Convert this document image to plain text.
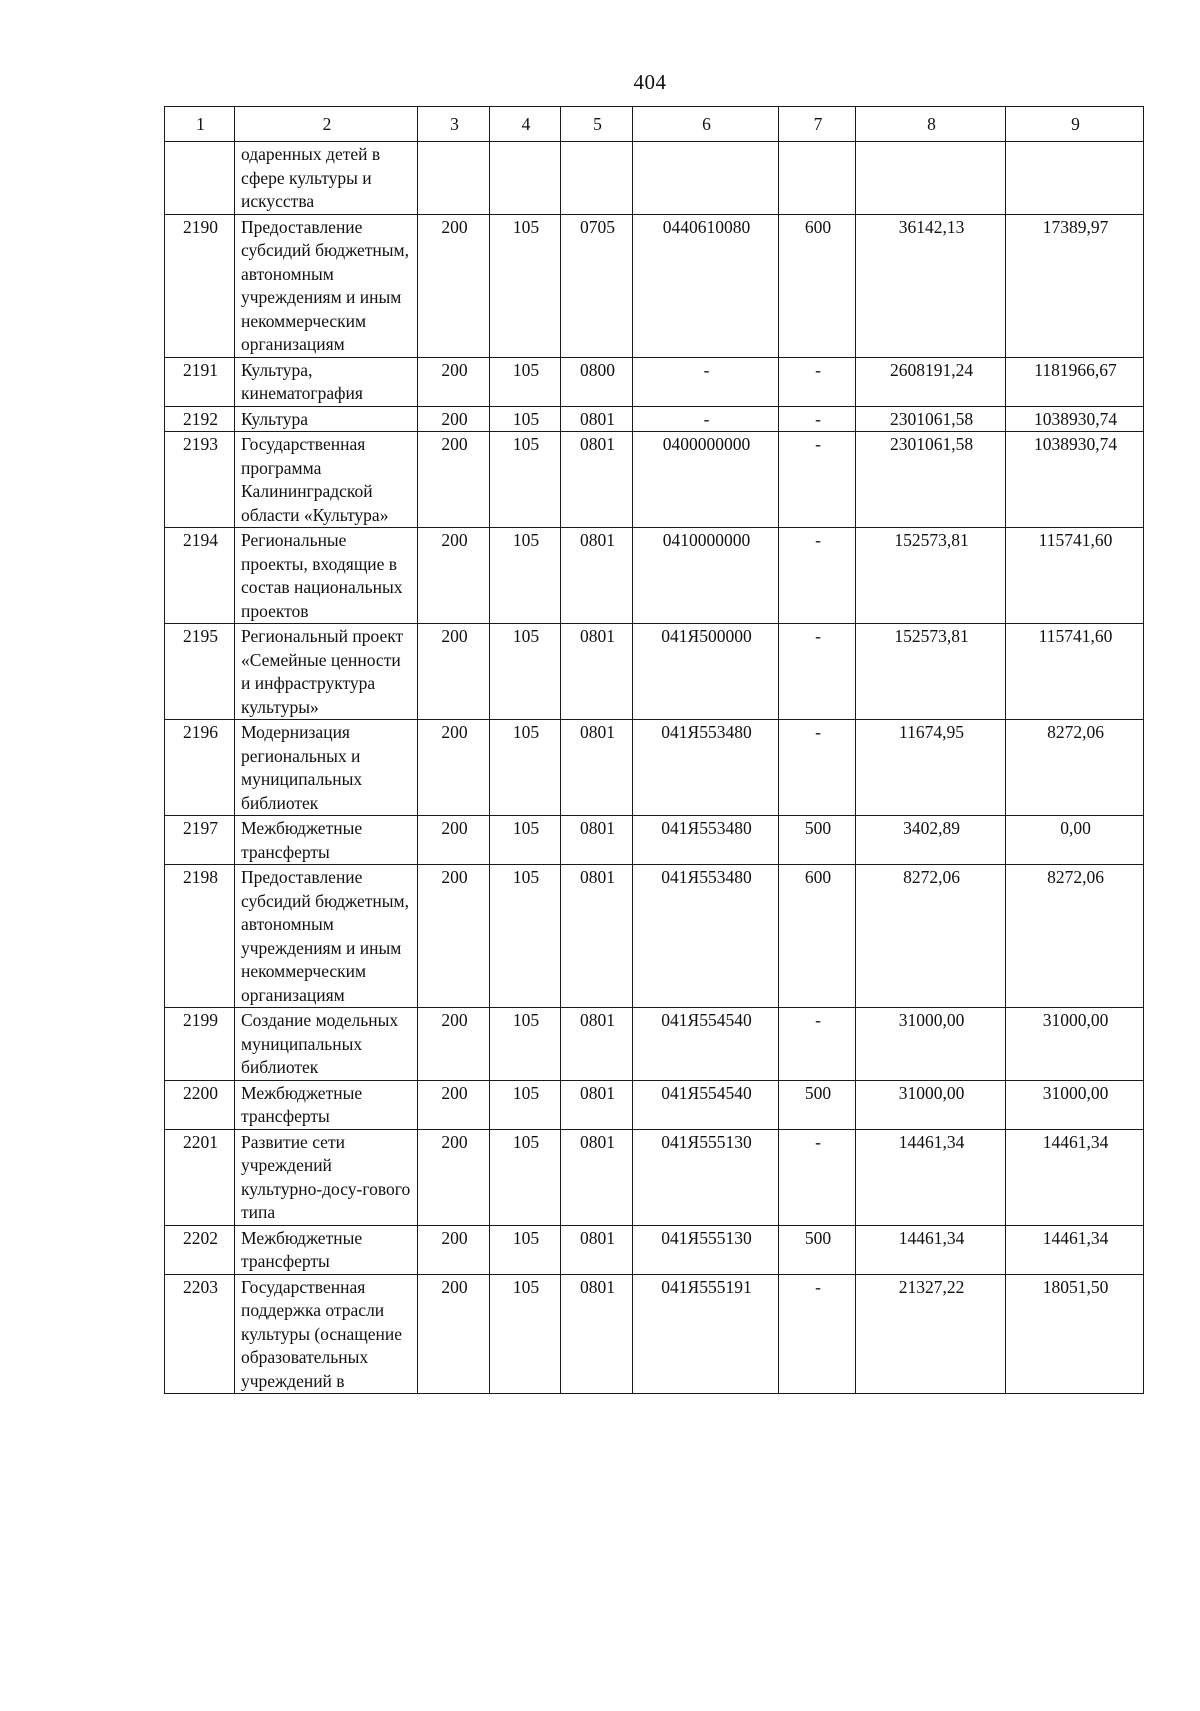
404
1	2	3	4	5	6	7	8	9
	одаренных детей в сфере культуры и искусства							
2190	Предоставление субсидий бюджетным, автономным учреждениям и иным некоммерческим организациям	200	105	0705	0440610080	600	36142,13	17389,97
2191	Культура, кинематография	200	105	0800	-	-	2608191,24	1181966,67
2192	Культура	200	105	0801	-	-	2301061,58	1038930,74
2193	Государственная программа Калининградской области «Культура»	200	105	0801	0400000000	-	2301061,58	1038930,74
2194	Региональные проекты, входящие в состав национальных проектов	200	105	0801	0410000000	-	152573,81	115741,60
2195	Региональный проект «Семейные ценности и инфраструктура культуры»	200	105	0801	041Я500000	-	152573,81	115741,60
2196	Модернизация региональных и муниципальных библиотек	200	105	0801	041Я553480	-	11674,95	8272,06
2197	Межбюджетные трансферты	200	105	0801	041Я553480	500	3402,89	0,00
2198	Предоставление субсидий бюджетным, автономным учреждениям и иным некоммерческим организациям	200	105	0801	041Я553480	600	8272,06	8272,06
2199	Создание модельных муниципальных библиотек	200	105	0801	041Я554540	-	31000,00	31000,00
2200	Межбюджетные трансферты	200	105	0801	041Я554540	500	31000,00	31000,00
2201	Развитие сети учреждений культурно-досу-гового типа	200	105	0801	041Я555130	-	14461,34	14461,34
2202	Межбюджетные трансферты	200	105	0801	041Я555130	500	14461,34	14461,34
2203	Государственная поддержка отрасли культуры (оснащение образовательных учреждений в	200	105	0801	041Я555191	-	21327,22	18051,50
